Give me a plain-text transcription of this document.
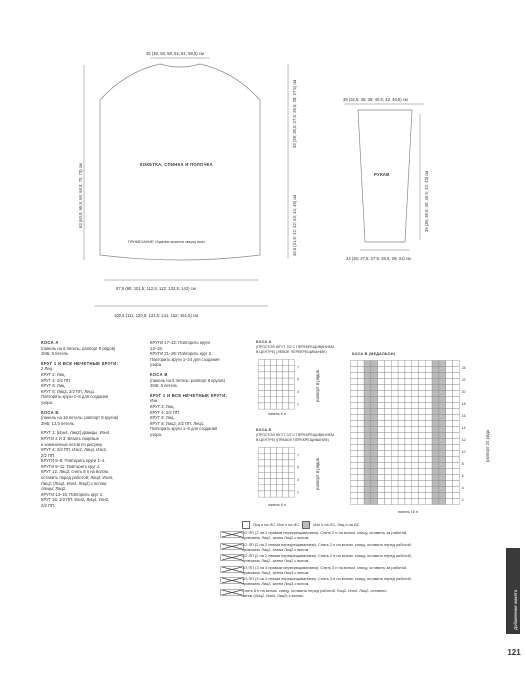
45 (49; 53; 58; 61; 61; 58,5) см
63 (63,5; 65,5; 66; 68,5; 70; 73) см
33 (29; 28,5; 27,5; 26,5; 28; 27,5) см
40,5 (41,5; 42; 42; 43; 44; 45) см
КОКЕТКА, СПИНКА И ПОЛОЧКА
ПРИМЕЧАНИЕ: Изделие вяжется сверху вниз
87,5 (90; 101,5; 112,5; 122; 132,5; 142) см
100,5 (111; 120,5; 131,5; 141; 152; 161,5) см
39 (32,5; 35; 38; 40,5; 43; 46,5) см
36 (39; 39,5; 40; 40,5; 42; 43) см
РУКАВ
24 (26; 27,5; 27,5; 28,5; 29; 31) см

КОСА А

(панель на 6 петель; раппорт 8 рядов)

ЗНБ: 5 петель

КРУГ 1 И ВСЕ НЕЧЕТНЫЕ КРУГИ:

2 Лиц.

КРУГ 2: Лиц.

КРУГ 4: 2/2 ПП.

КРУГ 6: Лиц.

КРУГ 8: Лиц2, 2/2 ПП, Лиц1.

Повторять круги 1–8 для создания

узора.

КОСА Б

(панель на 16 петель; раппорт 8 кругов)

ЗНБ: 12,5 петель

КРУГ 1: [Изн4, Лиц2] дважды, Изн4.

КРУГИ 2 И 3: Вязать лицевые

и изнаночные петли по рисунку.

КРУГ 4: 2/2 ПП, Изн2, Лиц4, Изн2,

2/2 ПП.

КРУГИ 5–8: Повторить круги 1–4.

КРУГИ 9–11: Повторить круг 2.

КРУГ 12: Лиц2; снять 6 п на вспом.

оставить перед работой; Лиц2, Изн4,

Лиц2; (Лиц2, Изн4, Лиц2) с вспом.

спицы; Лиц2.

КРУГИ 13–15: Повторить круг 2.

КРУГ 16: 2/2 ПП, Изн2, Лиц4, Изн2,

2/2 ПП.

КРУГИ 17–22: Повторить круги

13–18.

КРУГИ 21–26: Повторить круг 2.

Повторить круги 1–24 для создания

узора.

КОСА В

(панель на 6 петель; раппорт 8 кругов)

ЗНБ: 5 петель

КРУГ 1 И ВСЕ НЕЧЕТНЫЕ КРУГИ:

Изн.

КРУГ 2: Лиц.

КРУГ 4: 2/2 ПП.

КРУГ 6: Лиц.

КРУГ 8: Лиц2, 2/2 ПП, Лиц1.

Повторить круги 1–8 для создания

узора.

КОСА А
(ПРОСТОЙ ЖГУТ 2/2 С ПЕРЕКРЕЩИВАНИЕМ
В ЦЕНТРЕ) (ЛЕВОЕ ПЕРЕКРЕЩИВАНИЕ)
7
5
3
1
панель 6 п
раппорт 8 рядов
КОСА Б
(ПРОСТОЙ ЖГУТ 2/2 С ПЕРЕКРЕЩИВАНИЕМ
В ЦЕНТРЕ) (ПРАВОЕ ПЕРЕКРЕЩИВАНИЕ)
7
5
3
1
панель 6 п
раппорт 8 рядов
КОСА В (МЕДАЛЬОН)
24
22
20
18
16
14
12
10
8
6
4
2
панель 16 п
раппорт 24 ряда
Лиц п на ЛС, Изн п на ИС	Изн п на ЛС, Лиц п на ИС
2/2 ПП (2 на 2 правым перекрещиванием): Снять 2 п на вспом. спицу, оставить за работой,
провязать Лиц2, затем Лиц2 с вспом.
2/2 ЛП (2 на 2 левым перекрещиванием): Снять 2 п на вспом. спицу, оставить перед работой,
провязать Лиц2, затем Лиц2 с вспом.
2/2 ЛП (2 на 2 левым перекрещиванием): Снять 2 п на вспом. спицу, оставить перед работой,
провязать Лиц2, затем Лиц2 с вспом.
3/3 ПП (3 на 3 правым перекрещиванием): Снять 3 п на вспом. спицу, оставить за работой,
провязать Лиц3, затем Лиц3 с вспом.
3/3 ЛП (3 на 3 левым перекрещиванием): Снять 3 п на вспом. спицу, оставить перед работой,
провязать Лиц3, затем Лиц3 с вспом.
Снять 6 п на вспом. спицу, оставить перед работой, Лиц2, Изн4, Лиц2, оставить,
затем (Лиц2, Изн4, Лиц2) с вспом.	Добавление жакета
121
